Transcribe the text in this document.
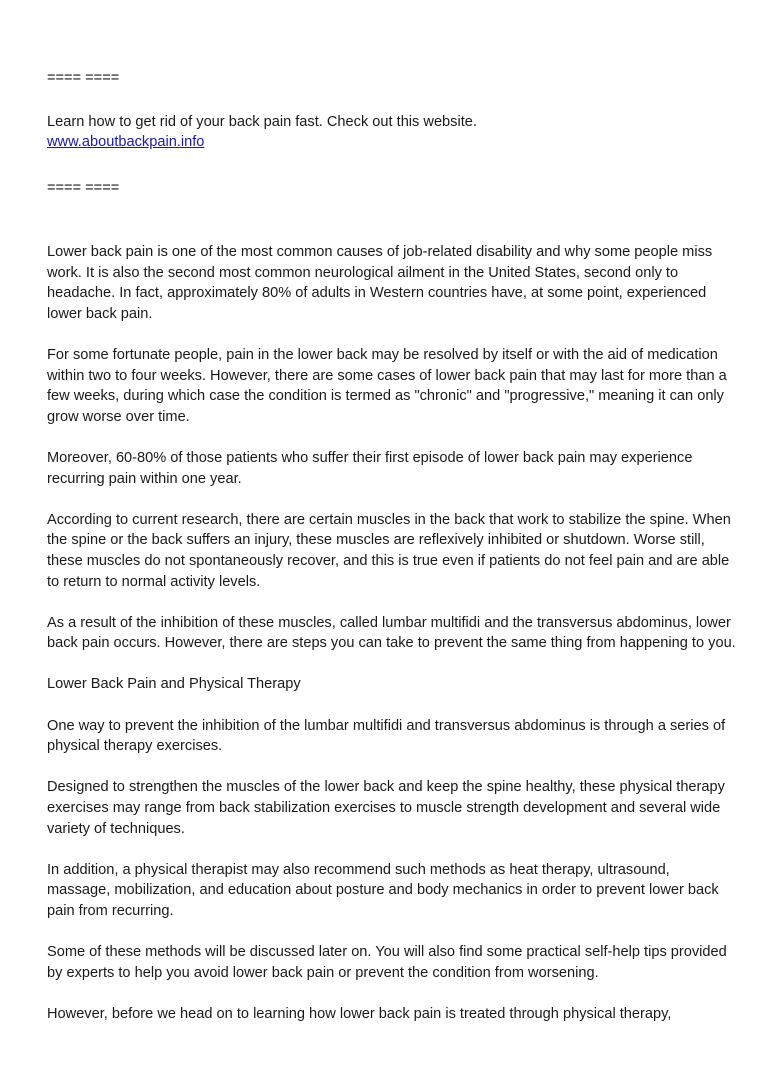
==== ====

Learn how to get rid of your back pain fast. Check out this website.
www.aboutbackpain.info

==== ====

Lower back pain is one of the most common causes of job-related disability and why some people miss work. It is also the second most common neurological ailment in the United States, second only to headache. In fact, approximately 80% of adults in Western countries have, at some point, experienced lower back pain.

For some fortunate people, pain in the lower back may be resolved by itself or with the aid of medication within two to four weeks. However, there are some cases of lower back pain that may last for more than a few weeks, during which case the condition is termed as "chronic" and "progressive," meaning it can only grow worse over time.

Moreover, 60-80% of those patients who suffer their first episode of lower back pain may experience recurring pain within one year.

According to current research, there are certain muscles in the back that work to stabilize the spine. When the spine or the back suffers an injury, these muscles are reflexively inhibited or shutdown. Worse still, these muscles do not spontaneously recover, and this is true even if patients do not feel pain and are able to return to normal activity levels.

As a result of the inhibition of these muscles, called lumbar multifidi and the transversus abdominus, lower back pain occurs. However, there are steps you can take to prevent the same thing from happening to you.

Lower Back Pain and Physical Therapy

One way to prevent the inhibition of the lumbar multifidi and transversus abdominus is through a series of physical therapy exercises.

Designed to strengthen the muscles of the lower back and keep the spine healthy, these physical therapy exercises may range from back stabilization exercises to muscle strength development and several wide variety of techniques.

In addition, a physical therapist may also recommend such methods as heat therapy, ultrasound, massage, mobilization, and education about posture and body mechanics in order to prevent lower back pain from recurring.

Some of these methods will be discussed later on. You will also find some practical self-help tips provided by experts to help you avoid lower back pain or prevent the condition from worsening.

However, before we head on to learning how lower back pain is treated through physical therapy,
